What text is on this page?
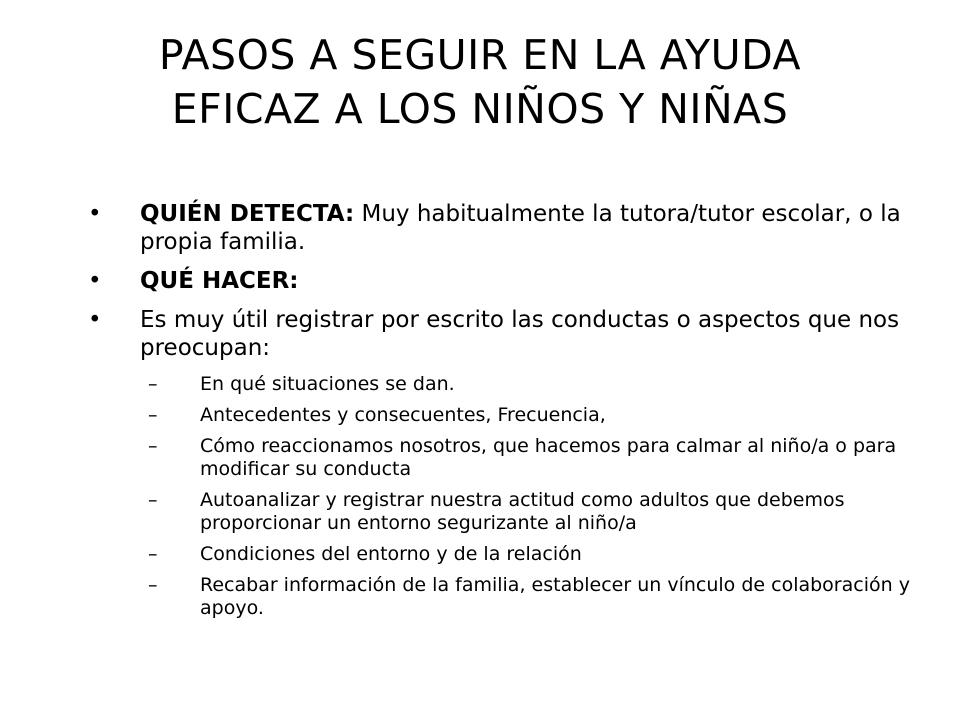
PASOS A SEGUIR EN LA AYUDA
EFICAZ A LOS NIÑOS Y NIÑAS
• QUIÉN DETECTA: Muy habitualmente la tutora/tutor escolar, o la propia familia.
• QUÉ HACER:
• Es muy útil registrar por escrito las conductas o aspectos que nos preocupan:
– En qué situaciones se dan.
– Antecedentes y consecuentes, Frecuencia,
– Cómo reaccionamos nosotros, que hacemos para calmar al niño/a o para modificar su conducta
– Autoanalizar y registrar nuestra actitud como adultos que debemos proporcionar un entorno segurizante al niño/a
– Condiciones del entorno y de la relación
– Recabar información de la familia, establecer un vínculo de colaboración y apoyo.
